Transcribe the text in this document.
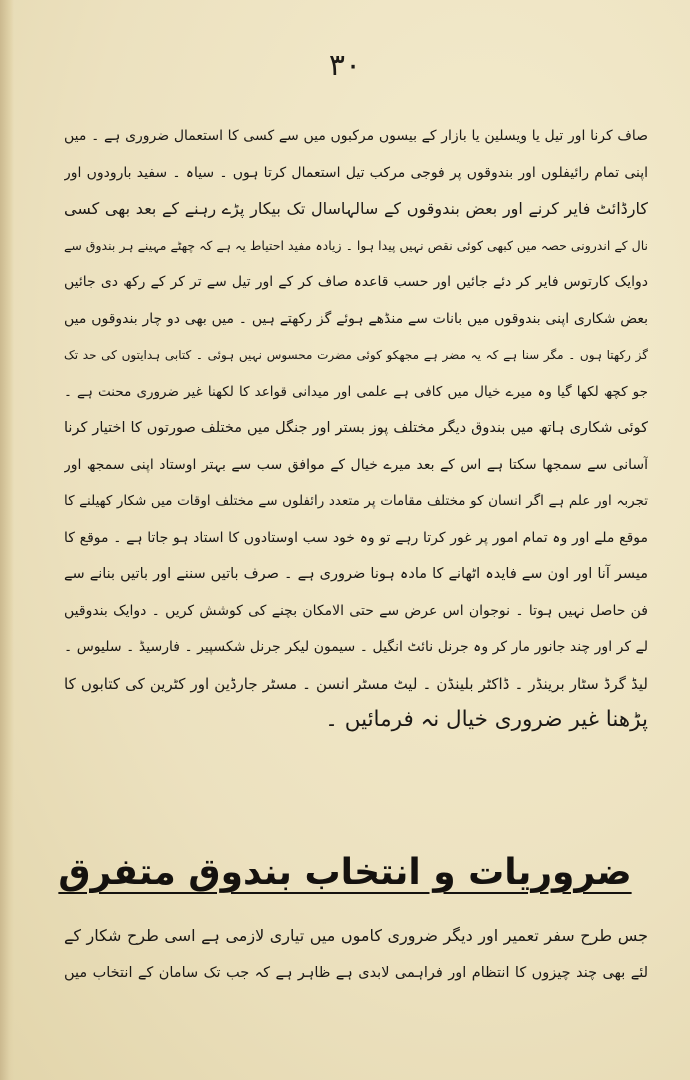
۳۰
صاف کرنا اور تیل یا ویسلین یا بازار کے بیسوں مرکبوں میں سے کسی کا استعمال ضروری ہے ۔ میں
اپنی تمام رائیفلوں اور بندوقوں پر فوجی مرکب تیل استعمال کرتا ہوں ۔ سیاہ ۔ سفید بارودوں اور
کارڈائٹ فایر کرنے اور بعض بندوقوں کے سالہاسال تک بیکار پڑے رہنے کے بعد بھی کسی
نال کے اندرونی حصہ میں کبھی کوئی نقص نہیں پیدا ہوا ۔ زیادہ مفید احتیاط یہ ہے کہ چھٹے مہینے ہر بندوق سے
دوایک کارتوس فایر کر دئے جائیں اور حسب قاعدہ صاف کر کے اور تیل سے تر کر کے رکھ دی جائیں
بعض شکاری اپنی بندوقوں میں بانات سے منڈھے ہوئے گز رکھتے ہیں ۔ میں بھی دو چار بندوقوں میں
گز رکھتا ہوں ۔ مگر سنا ہے کہ یہ مضر ہے مجھکو کوئی مضرت محسوس نہیں ہوئی ۔ کتابی ہدایتوں کی حد تک
جو کچھ لکھا گیا وہ میرے خیال میں کافی ہے علمی اور میدانی قواعد کا لکھنا غیر ضروری محنت ہے ۔
کوئی شکاری ہاتھ میں بندوق دیگر مختلف پوز بستر اور جنگل میں مختلف صورتوں کا اختیار کرنا
آسانی سے سمجھا سکتا ہے اس کے بعد میرے خیال کے موافق سب سے بہتر اوستاد اپنی سمجھ اور
تجربہ اور علم ہے اگر انسان کو مختلف مقامات پر متعدد رائفلوں سے مختلف اوقات میں شکار کھیلنے کا
موقع ملے اور وہ تمام امور پر غور کرتا رہے تو وہ خود سب اوستادوں کا استاد ہو جاتا ہے ۔ موقع کا
میسر آنا اور اون سے فایدہ اٹھانے کا مادہ ہونا ضروری ہے ۔ صرف باتیں سننے اور باتیں بنانے سے
فن حاصل نہیں ہوتا ۔ نوجوان اس عرض سے حتی الامکان بچنے کی کوشش کریں ۔ دوایک بندوقیں
لے کر اور چند جانور مار کر وہ جرنل نائٹ انگیل ۔ سیمون لیکر جرنل شکسپیر ۔ فارسیڈ ۔ سلیوس ۔
لیڈ گرڈ سٹار برینڈر ۔ ڈاکٹر بلینڈن ۔ لیٹ مسٹر انسن ۔ مسٹر جارڈین اور کٹرین کی کتابوں کا
پڑھنا غیر ضروری خیال نہ فرمائیں ۔
ضروریات و انتخاب بندوق متفرق
جس طرح سفر تعمیر اور دیگر ضروری کاموں میں تیاری لازمی ہے اسی طرح شکار کے
لئے بھی چند چیزوں کا انتظام اور فراہمی لابدی ہے ظاہر ہے کہ جب تک سامان کے انتخاب میں
